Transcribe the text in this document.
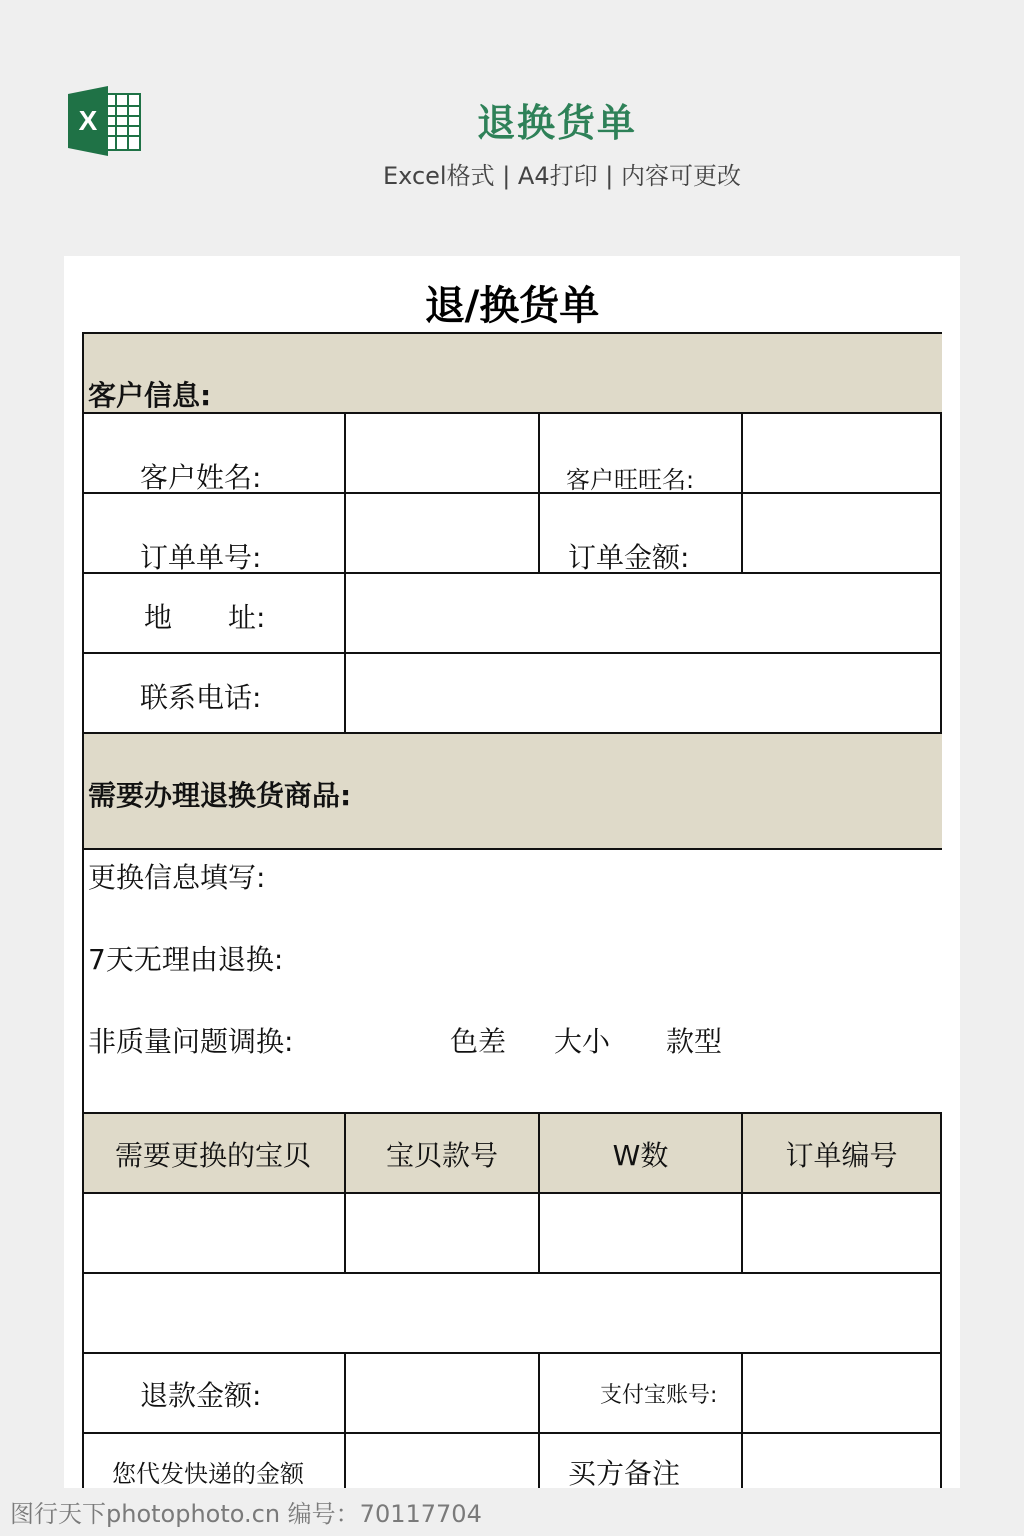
X	退换货单
Excel格式 | A4打印 | 内容可更改
退/换货单
客户信息:
客户姓名:	客户旺旺名:
订单单号:	订单金额:
地 址:
联系电话:
需要办理退换货商品:
更换信息填写:
7天无理由退换:
非质量问题调换:	色差 大小 款型
需要更换的宝贝	宝贝款号	W数	订单编号
退款金额:	支付宝账号:
您代发快递的金额	买方备注
图行天下photophoto.cn 编号：70117704
